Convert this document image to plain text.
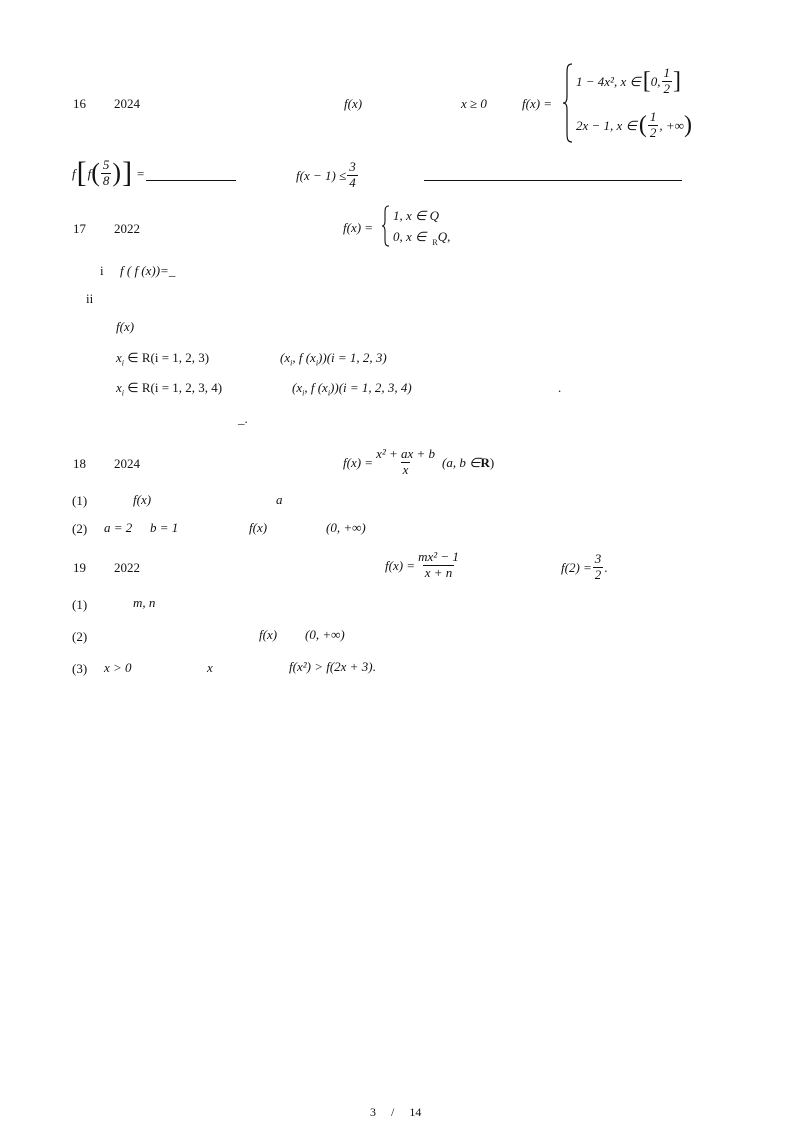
16 2024	f(x)	x ≥ 0	f(x) =
1 − 4x², x ∈ [ 0, $\frac{1}{2}$ ]
2x − 1, x ∈ ( $\frac{1}{2}$ , +∞ )
f [ f ( $\frac{5}{8}$ ) ] =	$f(x - 1) \le \frac{3}{4}$
17 2022	f(x) =
1, x ∈ Q
0, x ∈ $_R$Q,
i f ( f (x))=_
ii
f(x)
$x_i$ ∈ R(i = 1, 2, 3)	($x_i$, f $(x_i))(i = 1$, 2, 3)
$x_i$ ∈ R(i = 1, 2, 3, 4)	($x_i$, f $(x_i))(i = 1$, 2, 3, 4)	.
_.
18 2024	$f(x) = \frac{\text{x² + ax + b}}{x} (a$, b ∈ R )
(1)	f(x)	a
(2) a = 2 b = 1	f(x)	(0, +∞)
19 2022	$f(x) = \frac{\text{mx² − 1}}{x + n}$	$f(2) = \frac{3}{2}$ .
(1)	m, n
(2)	f(x) (0, +∞)
(3) x > 0	x	f(x²) > f(2x + 3).
3 / 14
